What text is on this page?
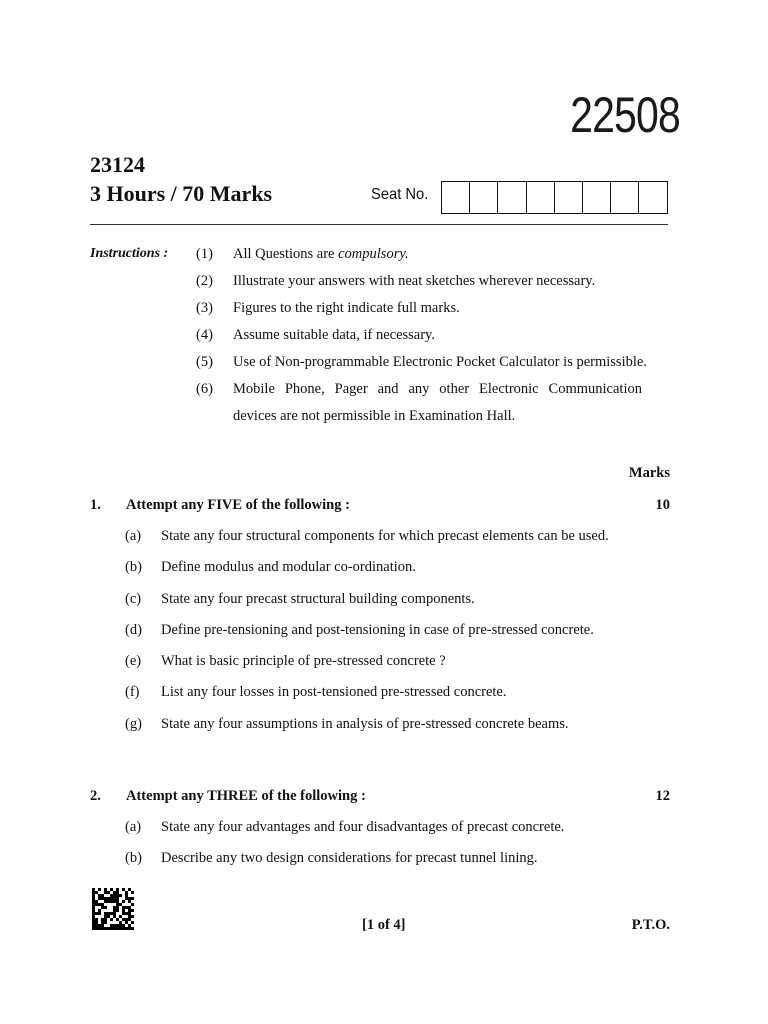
22508
23124
3 Hours / 70 Marks	Seat No.
Instructions : (1)	All Questions are compulsory.
(2)	Illustrate your answers with neat sketches wherever necessary.
(3)	Figures to the right indicate full marks.
(4)	Assume suitable data, if necessary.
(5)	Use of Non-programmable Electronic Pocket Calculator is permissible.
(6)	Mobile Phone, Pager and any other Electronic Communication
devices are not permissible in Examination Hall.
Marks
1. Attempt any FIVE of the following :	10
(a) State any four structural components for which precast elements can be used.
(b) Define modulus and modular co-ordination.
(c) State any four precast structural building components.
(d) Define pre-tensioning and post-tensioning in case of pre-stressed concrete.
(e) What is basic principle of pre-stressed concrete ?
(f) List any four losses in post-tensioned pre-stressed concrete.
(g) State any four assumptions in analysis of pre-stressed concrete beams.
2. Attempt any THREE of the following :	12
(a) State any four advantages and four disadvantages of precast concrete.
(b) Describe any two design considerations for precast tunnel lining.
[1 of 4]	P.T.O.
